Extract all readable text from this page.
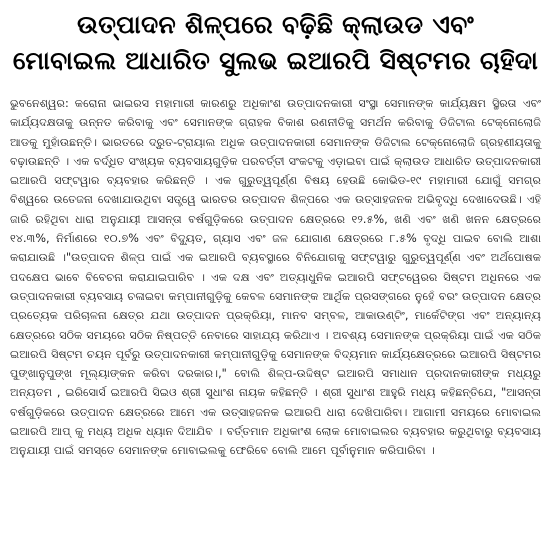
ଉତ୍ପାଦନ ଶିଳ୍ପରେ ବଢ଼ିଛି କ୍ଲାଉଡ ଏବଂ
ମୋବାଇଲ ଆଧାରିତ ସୁଲଭ ଇଆରପି ସିଷ୍ଟମର ଚାହିଦା

ଭୁବନେଶ୍ୱର: କରୋନା ଭାଇରସ ମହାମାରୀ କାରଣରୁ ଅଧିକାଂଶ ଉତ୍ପାଦନକାରୀ ସଂସ୍ଥା ସେମାନଙ୍କ କାର୍ଯ୍ୟକ୍ଷମ ସ୍ଥିରତା ଏବଂ କାର୍ଯ୍ୟଦକ୍ଷତାକୁ ଉନ୍ନତ କରିବାକୁ ଏବଂ ସେମାନଙ୍କ ଗ୍ରାହକ ବିକାଶ ରଣନୀତିକୁ ସମର୍ଥନ କରିବାକୁ ଡିଜିଟାଲ ଟେକ୍ନୋଲୋଜି ଆଡକୁ ମୁହାଁଉଛନ୍ତି। ଭାରତରେ ଦ୍ରୁତ-ଟ୍ରାୟାଲ ଅଧିକ ଉତ୍ପାଦନକାରୀ ସେମାନଙ୍କ ଡିଜିଟାଲ ଟେକ୍ନୋଲୋଜି ଗ୍ରହଣୀୟତାକୁ ବଢ଼ାଉଛନ୍ତି । ଏକ ବର୍ଦ୍ଧିତ ସଂଖ୍ୟକ ବ୍ୟବସାୟଗୁଡ଼ିକ ପରବର୍ତ୍ତୀ ସଂକଟକୁ ଏଡ଼ାଇବା ପାଇଁ କ୍ଲାଉଡ ଆଧାରିତ ଉତ୍ପାଦନକାରୀ ଇଆରପି ସଫ୍ଟୱାର ବ୍ୟବହାର କରିଛନ୍ତି । ଏକ ଗୁରୁତ୍ୱପୂର୍ଣ୍ଣ ବିଷୟ ହେଉଛି କୋଭିଡ-୧୯ ମହାମାରୀ ଯୋଗୁଁ ସମଗ୍ର ବିଶ୍ୱରେ ଉତେଜନା ଦେଖାଯାଉଥିବା ସତ୍ତ୍ୱେ ଭାରତର ଉତ୍ପାଦନ ଶିଳ୍ପରେ ଏକ ଉତ୍ସାହଜନକ ଅଭିବୃଦ୍ଧି ଦେଖାଦେଉଛି। ଏହି ଜାରି ରହିଥିବା ଧାରା ଅନୁଯାୟୀ ଆସନ୍ତା ବର୍ଷଗୁଡ଼ିକରେ ଉତ୍ପାଦନ କ୍ଷେତ୍ରରେ ୧୨.୫%, ଖଣି ଏବଂ ଖଣି ଖନନ କ୍ଷେତ୍ରରେ ୧୪.୩%, ନିର୍ମାଣରେ ୧୦.୭% ଏବଂ ବିଦ୍ୟୁତ, ଗ୍ୟାସ ଏବଂ ଜଳ ଯୋଗାଣ କ୍ଷେତ୍ରରେ ୮.୫% ବୃଦ୍ଧି ପାଇବ ବୋଲି ଆଶା କରାଯାଉଛି ।"ଉତ୍ପାଦନ ଶିଳ୍ପ ପାଇଁ ଏକ ଇଆରପି ବ୍ୟବସ୍ଥାରେ ବିନିଯୋଗକୁ ସଫ୍ଟୱାରୁ ଗୁରୁତ୍ୱପୂର୍ଣ୍ଣ ଏବଂ ଅର୍ଥପୋଷକ ପଦକ୍ଷେପ ଭାବେ ବିବେଚନା କରାଯାଇପାରିବ । ଏକ ଦକ୍ଷ ଏବଂ ଅତ୍ୟାଧୁନିକ ଇଆରପି ସଫ୍ଟୱେରର ସିଷ୍ଟମ ଅଧିନରେ ଏକ ଉତ୍ପାଦନକାରୀ ବ୍ୟବସାୟ ଚଳାଇବା କମ୍ପାନୀଗୁଡ଼ିକୁ କେବଳ ସେମାନଙ୍କ ଆର୍ଥିକ ପ୍ରସଙ୍ଗରେ ନୁହେଁ ବରଂ ଉତ୍ପାଦନ କ୍ଷେତ୍ର ପ୍ରତ୍ୟେକ ପରିଚାଳନା କ୍ଷେତ୍ର ଯଥା ଉତ୍ପାଦନ ପ୍ରକ୍ରିୟା, ମାନବ ସମ୍ବଳ, ଆକାଉଣ୍ଟିଂ, ମାର୍କେଟିଙ୍ଗ ଏବଂ ଅନ୍ୟାନ୍ୟ କ୍ଷେତ୍ରରେ ସଠିକ ସମୟରେ ସଠିକ ନିଷ୍ପତ୍ତି ନେବାରେ ସାହାଯ୍ୟ କରିଥାଏ । ଅବଶ୍ୟ ସେମାନଙ୍କ ପ୍ରକ୍ରିୟା ପାଇଁ ଏକ ସଠିକ ଇଆରପି ସିଷ୍ଟମ ଚୟନ ପୂର୍ବରୁ ଉତ୍ପାଦନକାରୀ କମ୍ପାନୀଗୁଡ଼ିକୁ ସେମାନଙ୍କ ବିଦ୍ୟମାନ କାର୍ଯ୍ୟକ୍ଷେତ୍ରରେ ଇଆରପି ସିଷ୍ଟମର ପୁଙ୍ଖାନୁପୁଙ୍ଖ ମୂଲ୍ୟାଙ୍କନ କରିବା ଦରକାର।," ବୋଲି ଶିଳ୍ପ-ଉଦ୍ଦିଷ୍ଟ ଇଆରପି ସମାଧାନ ପ୍ରଦାନକାରୀଙ୍କ ମଧ୍ୟରୁ ଅନ୍ୟତମ , ଇରିସୋର୍ସ ଇଆରପି ସିଇଓ ଶ୍ରୀ ସୁଧାଂଶ ନାୟକ କହିଛନ୍ତି । ଶ୍ରୀ ସୁଧାଂଶ ଆହୁରି ମଧ୍ୟ କହିଛନ୍ତିଯେ, "ଆସନ୍ତା ବର୍ଷଗୁଡ଼ିକରେ ଉତ୍ପାଦନ କ୍ଷେତ୍ରରେ ଆମେ ଏକ ଉତ୍ସାହଜନକ ଇଆରପି ଧାରା ଦେଖିପାରିବା। ଆଗାମୀ ସମୟରେ ମୋବାଇଲ ଇଆରପି ଆପ୍ କୁ ମଧ୍ୟ ଅଧିକ ଧ୍ୟାନ ଦିଆଯିବ । ବର୍ତ୍ତମାନ ଅଧିକାଂଶ ଲୋକ ମୋବାଇଲର ବ୍ୟବହାର କରୁଥିବାରୁ ବ୍ୟବସାୟ ଅନୁଯାୟୀ ପାଇଁ ସମସ୍ତେ ସେମାନଙ୍କ ମୋବାଇଲକୁ ଫେରିବେ ବୋଲି ଆମେ ପୂର୍ବାନୁମାନ କରିପାରିବା ।
